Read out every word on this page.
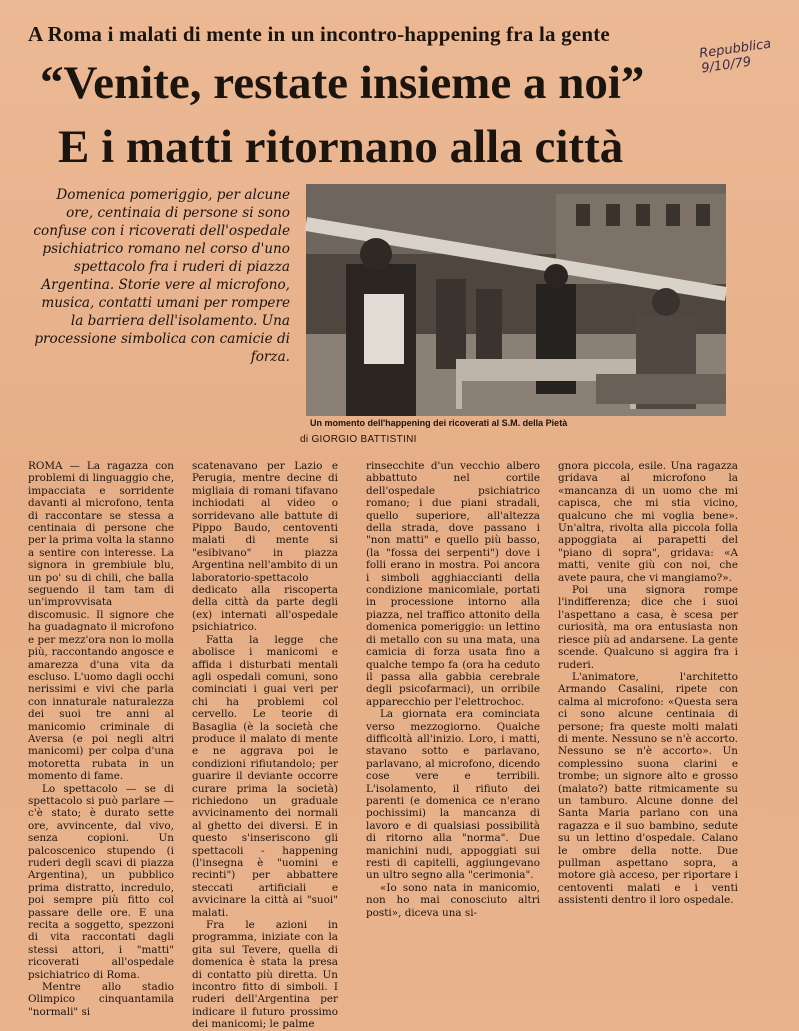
A Roma i malati di mente in un incontro-happening fra la gente
Repubblica 9/10/79
“Venite, restate insieme a noi”
E i matti ritornano alla città
Domenica pomeriggio, per alcune ore, centinaia di persone si sono confuse con i ricoverati dell'ospedale psichiatrico romano nel corso d'uno spettacolo fra i ruderi di piazza Argentina. Storie vere al microfono, musica, contatti umani per rompere la barriera dell'isolamento. Una processione simbolica con camicie di forza.
Un momento dell'happening dei ricoverati al S.M. della Pietà
di GIORGIO BATTISTINI

ROMA — La ragazza con problemi di linguaggio che, impacciata e sorridente davanti al microfono, tenta di raccontare se stessa a centinaia di persone che per la prima volta la stanno a sentire con interesse. La signora in grembiule blu, un po' su di chili, che balla seguendo il tam tam di un'improvvisata discomusic. Il signore che ha guadagnato il microfono e per mezz'ora non lo molla più, raccontando angosce e amarezza d'una vita da escluso. L'uomo dagli occhi nerissimi e vivi che parla con innaturale naturalezza dei suoi tre anni al manicomio criminale di Aversa (e poi negli altri manicomi) per colpa d'una motoretta rubata in un momento di fame.

Lo spettacolo — se di spettacolo si può parlare — c'è stato; è durato sette ore, avvincente, dal vivo, senza copioni. Un palcoscenico stupendo (i ruderi degli scavi di piazza Argentina), un pubblico prima distratto, incredulo, poi sempre più fitto col passare delle ore. E una recita a soggetto, spezzoni di vita raccontati dagli stessi attori, i "matti" ricoverati all'ospedale psichiatrico di Roma.

Mentre allo stadio Olimpico cinquantamila "normali" si

scatenavano per Lazio e Perugia, mentre decine di migliaia di romani tifavano inchiodati al video o sorridevano alle battute di Pippo Baudo, centoventi malati di mente si "esibivano" in piazza Argentina nell'ambito di un laboratorio-spettacolo dedicato alla riscoperta della città da parte degli (ex) internati all'ospedale psichiatrico.

Fatta la legge che abolisce i manicomi e affida i disturbati mentali agli ospedali comuni, sono cominciati i guai veri per chi ha problemi col cervello. Le teorie di Basaglia (è la società che produce il malato di mente e ne aggrava poi le condizioni rifiutandolo; per guarire il deviante occorre curare prima la società) richiedono un graduale avvicinamento dei normali al ghetto dei diversi. E in questo s'inseriscono gli spettacoli - happening (l'insegna è "uomini e recinti") per abbattere steccati artificiali e avvicinare la città ai "suoi" malati.

Fra le azioni in programma, iniziate con la gita sul Tevere, quella di domenica è stata la presa di contatto più diretta. Un incontro fitto di simboli. I ruderi dell'Argentina per indicare il futuro prossimo dei manicomi; le palme

rinsecchite d'un vecchio albero abbattuto nel cortile dell'ospedale psichiatrico romano; i due piani stradali, quello superiore, all'altezza della strada, dove passano i "non matti" e quello più basso, (la "fossa dei serpenti") dove i folli erano in mostra. Poi ancora i simboli agghiaccianti della condizione manicomiale, portati in processione intorno alla piazza, nel traffico attonito della domenica pomeriggio: un lettino di metallo con su una mata, una camicia di forza usata fino a qualche tempo fa (ora ha ceduto il passa alla gabbia cerebrale degli psicofarmaci), un orribile apparecchio per l'elettrochoc.

La giornata era cominciata verso mezzogiorno. Qualche difficoltà all'inizio. Loro, i matti, stavano sotto e parlavano, parlavano, al microfono, dicendo cose vere e terribili. L'isolamento, il rifiuto dei parenti (e domenica ce n'erano pochissimi) la mancanza di lavoro e di qualsiasi possibilità di ritorno alla "norma". Due manichini nudi, appoggiati sui resti di capitelli, aggiungevano un ultro segno alla "cerimonia".

«Io sono nata in manicomio, non ho mai conosciuto altri posti», diceva una si-

gnora piccola, esile. Una ragazza gridava al microfono la «mancanza di un uomo che mi capisca, che mi stia vicino, qualcuno che mi voglia bene». Un'altra, rivolta alla piccola folla appoggiata ai parapetti del "piano di sopra", gridava: «A matti, venite giù con noi, che avete paura, che vi mangiamo?».

Poi una signora rompe l'indifferenza; dice che i suoi l'aspettano a casa, è scesa per curiosità, ma ora entusiasta non riesce più ad andarsene. La gente scende. Qualcuno si aggira fra i ruderi.

L'animatore, l'architetto Armando Casalini, ripete con calma al microfono: «Questa sera ci sono alcune centinaia di persone; fra queste molti malati di mente. Nessuno se n'è accorto. Nessuno se n'è accorto». Un complessino suona clarini e trombe; un signore alto e grosso (malato?) batte ritmicamente su un tamburo. Alcune donne del Santa Maria parlano con una ragazza e il suo bambino, sedute su un lettino d'ospedale. Calano le ombre della notte. Due pullman aspettano sopra, a motore già acceso, per riportare i centoventi malati e i venti assistenti dentro il loro ospedale.
